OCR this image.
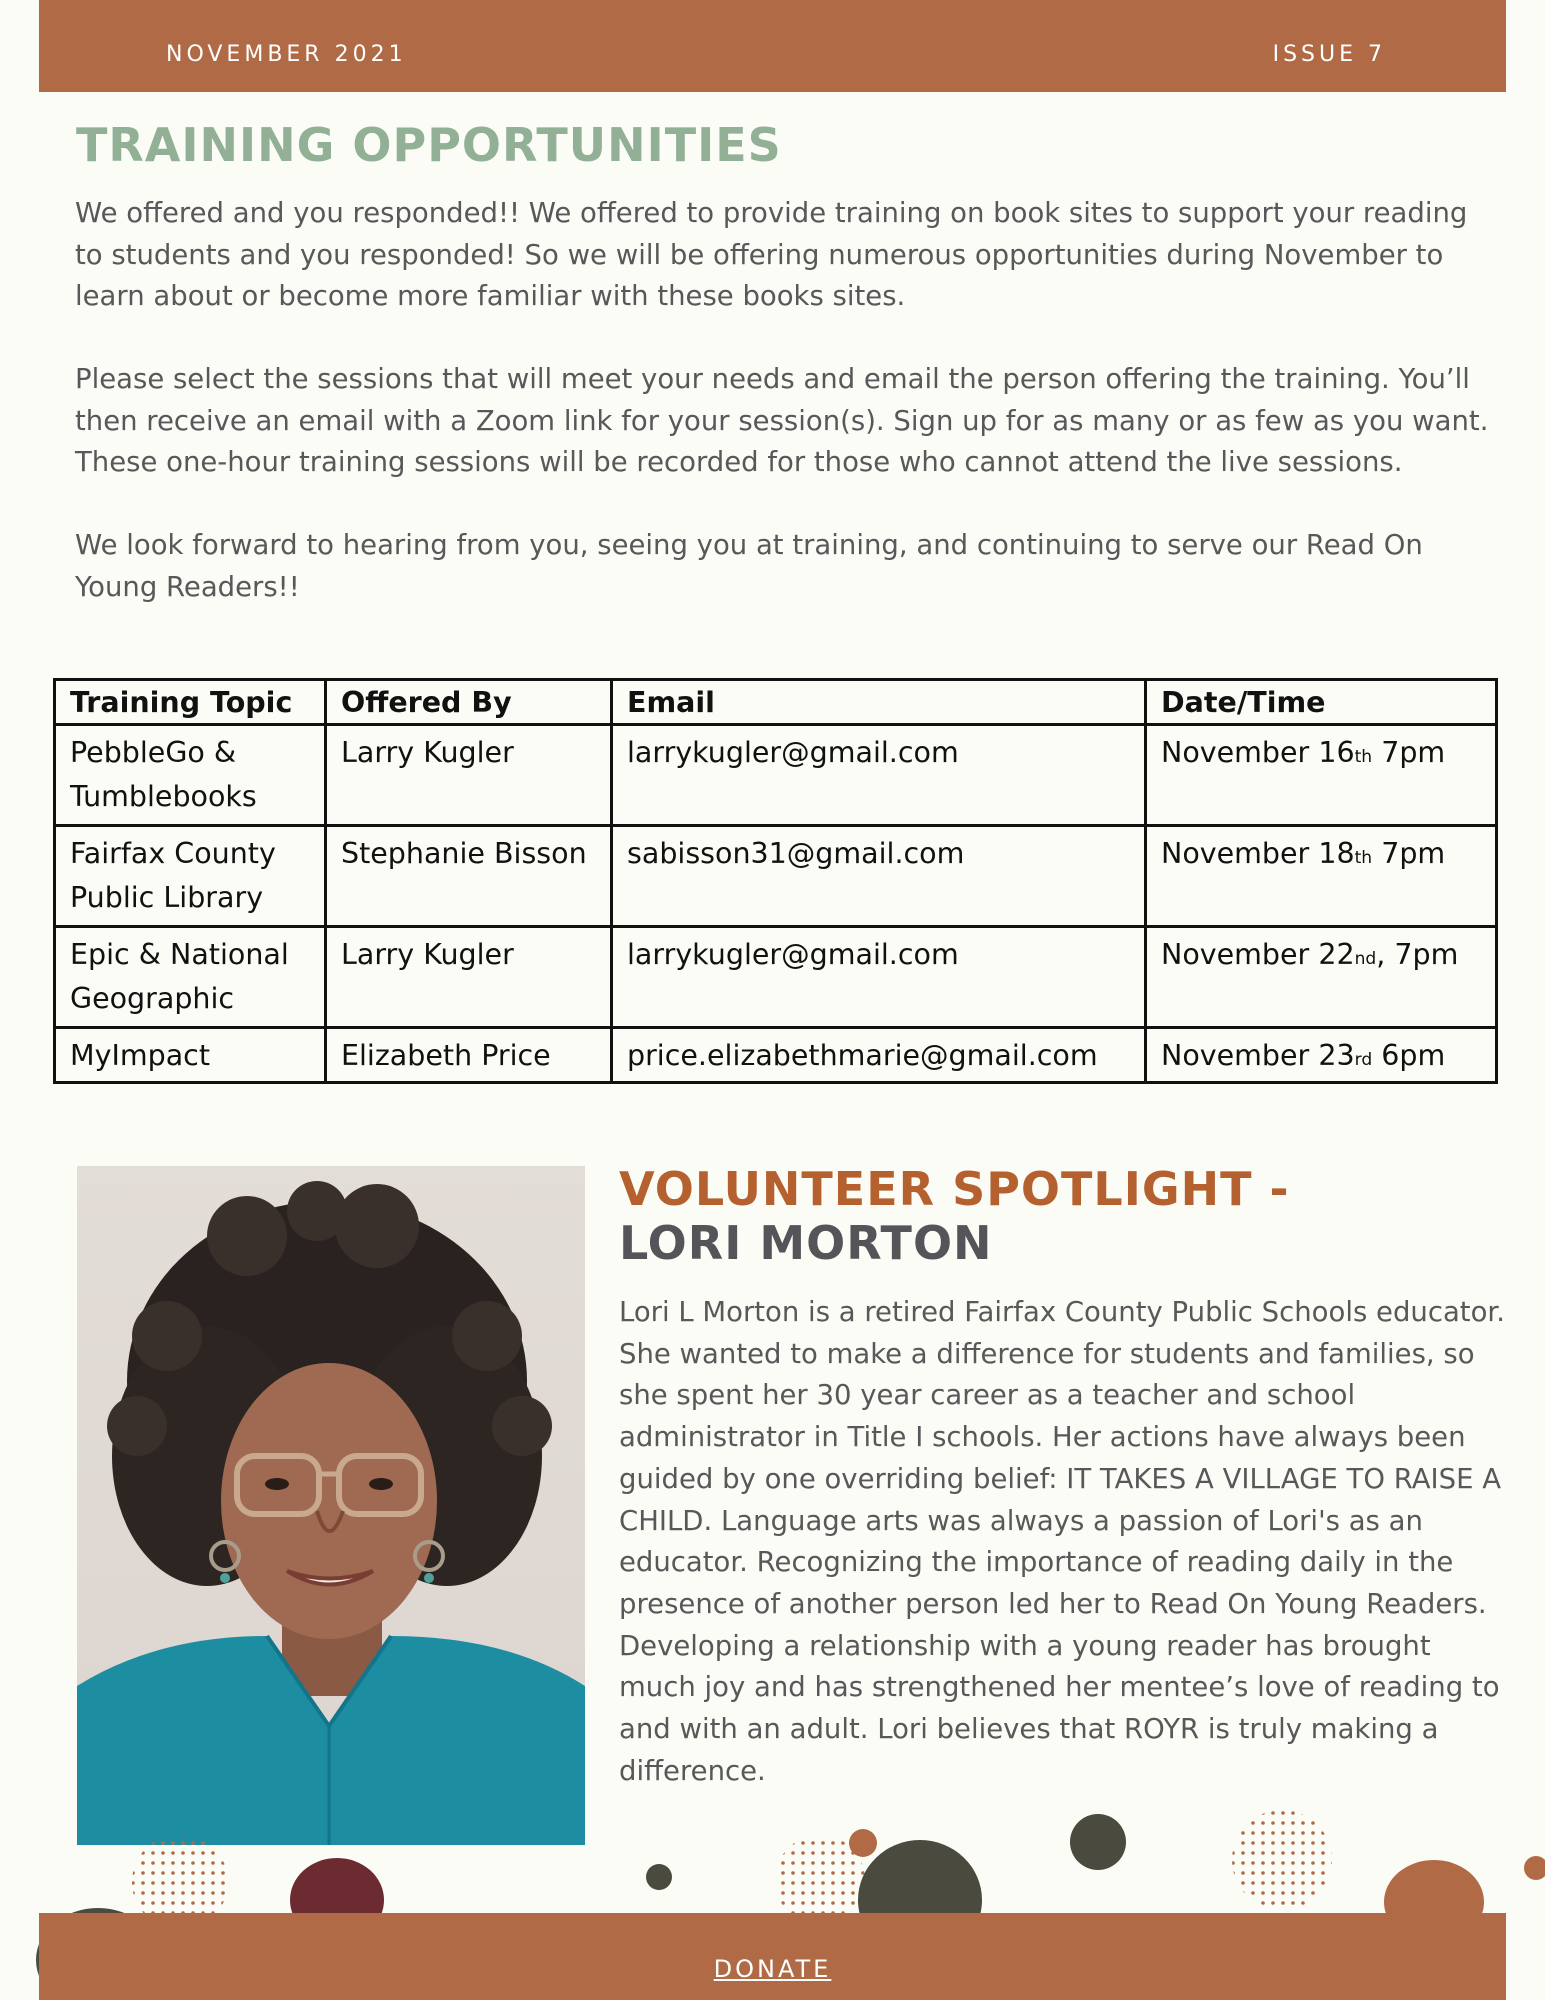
NOVEMBER 2021	ISSUE 7
TRAINING OPPORTUNITIES

We offered and you responded!! We offered to provide training on book sites to support your reading to students and you responded! So we will be offering numerous opportunities during November to learn about or become more familiar with these books sites.

Please select the sessions that will meet your needs and email the person offering the training. You’ll then receive an email with a Zoom link for your session(s). Sign up for as many or as few as you want. These one-hour training sessions will be recorded for those who cannot attend the live sessions.

We look forward to hearing from you, seeing you at training, and continuing to serve our Read On Young Readers!!

Training Topic	Offered By	Email	Date/Time
PebbleGo &
Tumblebooks	Larry Kugler	larrykugler@gmail.com	November 16th 7pm
Fairfax County
Public Library	Stephanie Bisson	sabisson31@gmail.com	November 18th 7pm
Epic & National
Geographic	Larry Kugler	larrykugler@gmail.com	November 22nd, 7pm
MyImpact	Elizabeth Price	price.elizabethmarie@gmail.com	November 23rd 6pm
VOLUNTEER SPOTLIGHT -
LORI MORTON

Lori L Morton is a retired Fairfax County Public Schools educator. She wanted to make a difference for students and families, so she spent her 30 year career as a teacher and school administrator in Title I schools. Her actions have always been guided by one overriding belief: IT TAKES A VILLAGE TO RAISE A CHILD. Language arts was always a passion of Lori's as an educator. Recognizing the importance of reading daily in the presence of another person led her to Read On Young Readers. Developing a relationship with a young reader has brought much joy and has strengthened her mentee’s love of reading to and with an adult. Lori believes that ROYR is truly making a difference.

DONATE
